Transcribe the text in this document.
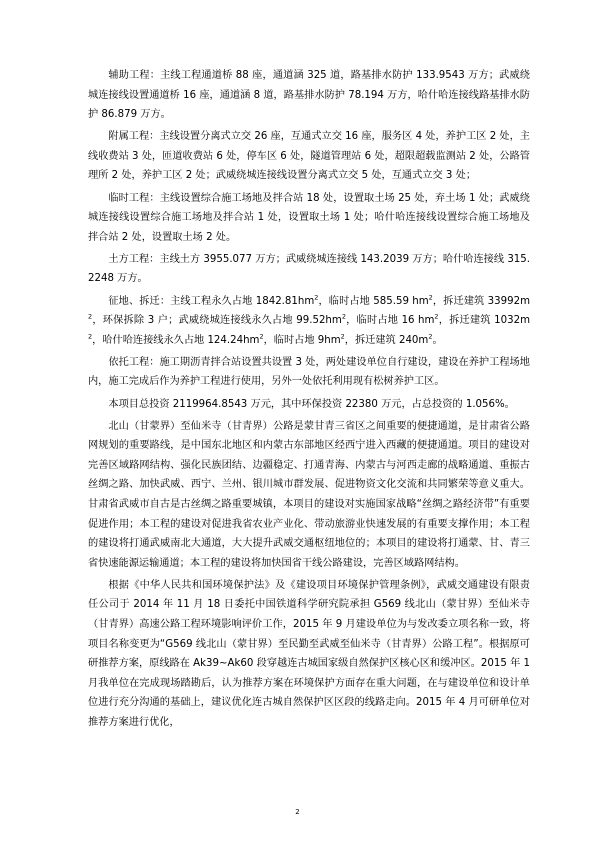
辅助工程：主线工程通道桥 88 座，通道涵 325 道，路基排水防护 133.9543 万方；武威绕城连接线设置通道桥 16 座，通道涵 8 道，路基排水防护 78.194 万方，哈什哈连接线路基排水防护 86.879 万方。

附属工程：主线设置分离式立交 26 座，互通式立交 16 座，服务区 4 处，养护工区 2 处，主线收费站 3 处，匝道收费站 6 处，停车区 6 处，隧道管理站 6 处，超限超载监测站 2 处，公路管理所 2 处，养护工区 2 处；武威绕城连接线设置分离式立交 5 处，互通式立交 3 处；

临时工程：主线设置综合施工场地及拌合站 18 处，设置取土场 25 处，弃土场 1 处；武威绕城连接线设置综合施工场地及拌合站 1 处，设置取土场 1 处；哈什哈连接线设置综合施工场地及拌合站 2 处，设置取土场 2 处。

土方工程：主线土方 3955.077 万方；武威绕城连接线 143.2039 万方；哈什哈连接线 315.2248 万方。

征地、拆迁：主线工程永久占地 $1842.81hm^2$，临时占地 585.59 $hm^2$，拆迁建筑 $33992m^2$，环保拆除 3 户；武威绕城连接线永久占地 $99.52hm^2$，临时占地 16 $hm^2$，拆迁建筑 $1032m^2$，哈什哈连接线永久占地 $124.24hm^2$，临时占地 $9hm^2$，拆迁建筑 $240m^2$。

依托工程：施工期沥青拌合站设置共设置 3 处，两处建设单位自行建设，建设在养护工程场地内，施工完成后作为养护工程进行使用，另外一处依托利用现有松树养护工区。

本项目总投资 2119964.8543 万元，其中环保投资 22380 万元，占总投资的 1.056%。

北山（甘蒙界）至仙米寺（甘青界）公路是蒙甘青三省区之间重要的便捷通道，是甘肃省公路网规划的重要路线，是中国东北地区和内蒙古东部地区经西宁进入西藏的便捷通道。项目的建设对完善区域路网结构、强化民族团结、边疆稳定、打通青海、内蒙古与河西走廊的战略通道、重振古丝绸之路、加快武威、西宁、兰州、银川城市群发展、促进物资文化交流和共同繁荣等意义重大。甘肃省武威市自古是古丝绸之路重要城镇，本项目的建设对实施国家战略“丝绸之路经济带”有重要促进作用；本工程的建设对促进我省农业产业化、带动旅游业快速发展的有重要支撑作用；本工程的建设将打通武威南北大通道，大大提升武威交通枢纽地位的；本项目的建设将打通蒙、甘、青三省快速能源运输通道；本工程的建设将加快国省干线公路建设，完善区域路网结构。

根据《中华人民共和国环境保护法》及《建设项目环境保护管理条例》，武威交通建设有限责任公司于 2014 年 11 月 18 日委托中国铁道科学研究院承担 G569 线北山（蒙甘界）至仙米寺（甘青界）高速公路工程环境影响评价工作，2015 年 9 月建设单位为与发改委立项名称一致，将项目名称变更为“G569 线北山（蒙甘界）至民勤至武威至仙米寺（甘青界）公路工程”。根据原可研推荐方案，原线路在 Ak39~Ak60 段穿越连古城国家级自然保护区核心区和缓冲区。2015 年 1 月我单位在完成现场踏勘后，认为推荐方案在环境保护方面存在重大问题，在与建设单位和设计单位进行充分沟通的基础上，建议优化连古城自然保护区区段的线路走向。2015 年 4 月可研单位对推荐方案进行优化，

2
